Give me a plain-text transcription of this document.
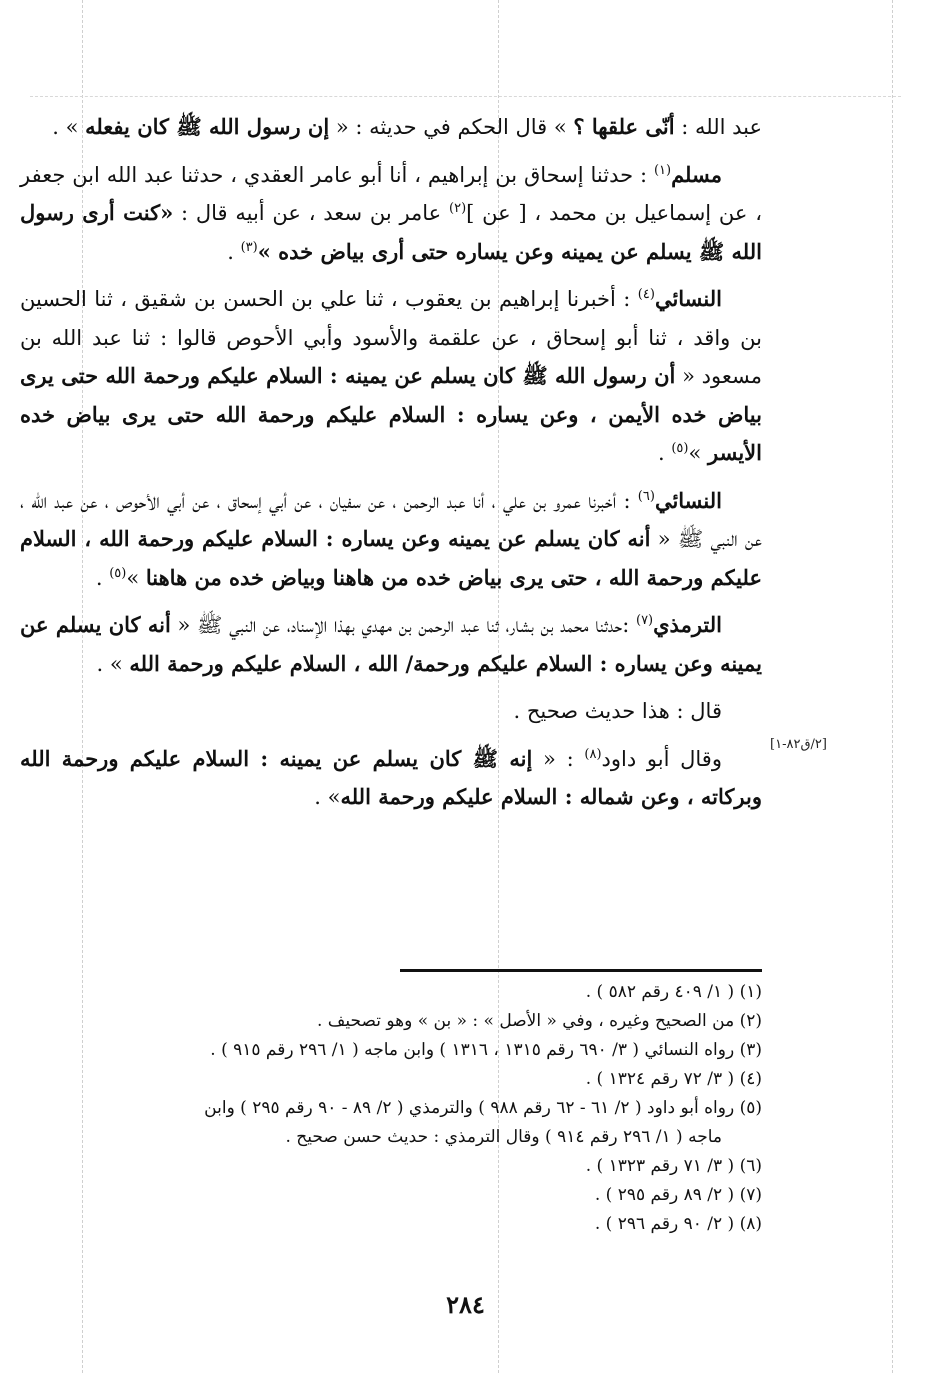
عبد الله : أنّى علقها ؟ » قال الحكم في حديثه : « إن رسول الله ﷺ كان يفعله » .

مسلم$^{(١)}$ : حدثنا إسحاق بن إبراهيم ، أنا أبو عامر العقدي ، حدثنا عبد الله ابن جعفر ، عن إسماعيل بن محمد ، [ عن ]$^{(٢)}$ عامر بن سعد ، عن أبيه قال : «كنت أرى رسول الله ﷺ يسلم عن يمينه وعن يساره حتى أرى بياض خده »$^{(٣)}$ .

النسائي$^{(٤)}$ : أخبرنا إبراهيم بن يعقوب ، ثنا علي بن الحسن بن شقيق ، ثنا الحسين بن واقد ، ثنا أبو إسحاق ، عن علقمة والأسود وأبي الأحوص قالوا : ثنا عبد الله بن مسعود « أن رسول الله ﷺ كان يسلم عن يمينه : السلام عليكم ورحمة الله حتى يرى بياض خده الأيمن ، وعن يساره : السلام عليكم ورحمة الله حتى يرى بياض خده الأيسر »$^{(٥)}$ .

النسائي$^{(٦)}$ : أخبرنا عمرو بن علي ، أنا عبد الرحمن ، عن سفيان ، عن أبي إسحاق ، عن أبي الأحوص ، عن عبد الله ، عن النبي ﷺ « أنه كان يسلم عن يمينه وعن يساره : السلام عليكم ورحمة الله ، السلام عليكم ورحمة الله ، حتى يرى بياض خده من هاهنا وبياض خده من هاهنا »$^{(٥)}$ .

الترمذي$^{(٧)}$ :حدثنا محمد بن بشار، ثنا عبد الرحمن بن مهدي بهذا الإسناد، عن النبي ﷺ « أنه كان يسلم عن يمينه وعن يساره : السلام عليكم ورحمة/ الله ، السلام عليكم ورحمة الله » .

قال : هذا حديث صحيح .

وقال أبو داود$^{(٨)}$ : « إنه ﷺ كان يسلم عن يمينه : السلام عليكم ورحمة الله وبركاته ، وعن شماله : السلام عليكم ورحمة الله» .

[٢/ق٨٢-١]

(١) ( ١/ ٤٠٩ رقم ٥٨٢ ) .

(٢) من الصحيح وغيره ، وفي « الأصل » : « بن » وهو تصحيف .

(٣) رواه النسائي ( ٣/ ٦٩٠ رقم ١٣١٥ ، ١٣١٦ ) وابن ماجه ( ١/ ٢٩٦ رقم ٩١٥ ) .

(٤) ( ٣/ ٧٢ رقم ١٣٢٤ ) .

(٥) رواه أبو داود ( ٢/ ٦١ - ٦٢ رقم ٩٨٨ ) والترمذي ( ٢/ ٨٩ - ٩٠ رقم ٢٩٥ ) وابن

ماجه ( ١/ ٢٩٦ رقم ٩١٤ ) وقال الترمذي : حديث حسن صحيح .

(٦) ( ٣/ ٧١ رقم ١٣٢٣ ) .

(٧) ( ٢/ ٨٩ رقم ٢٩٥ ) .

(٨) ( ٢/ ٩٠ رقم ٢٩٦ ) .

٢٨٤
